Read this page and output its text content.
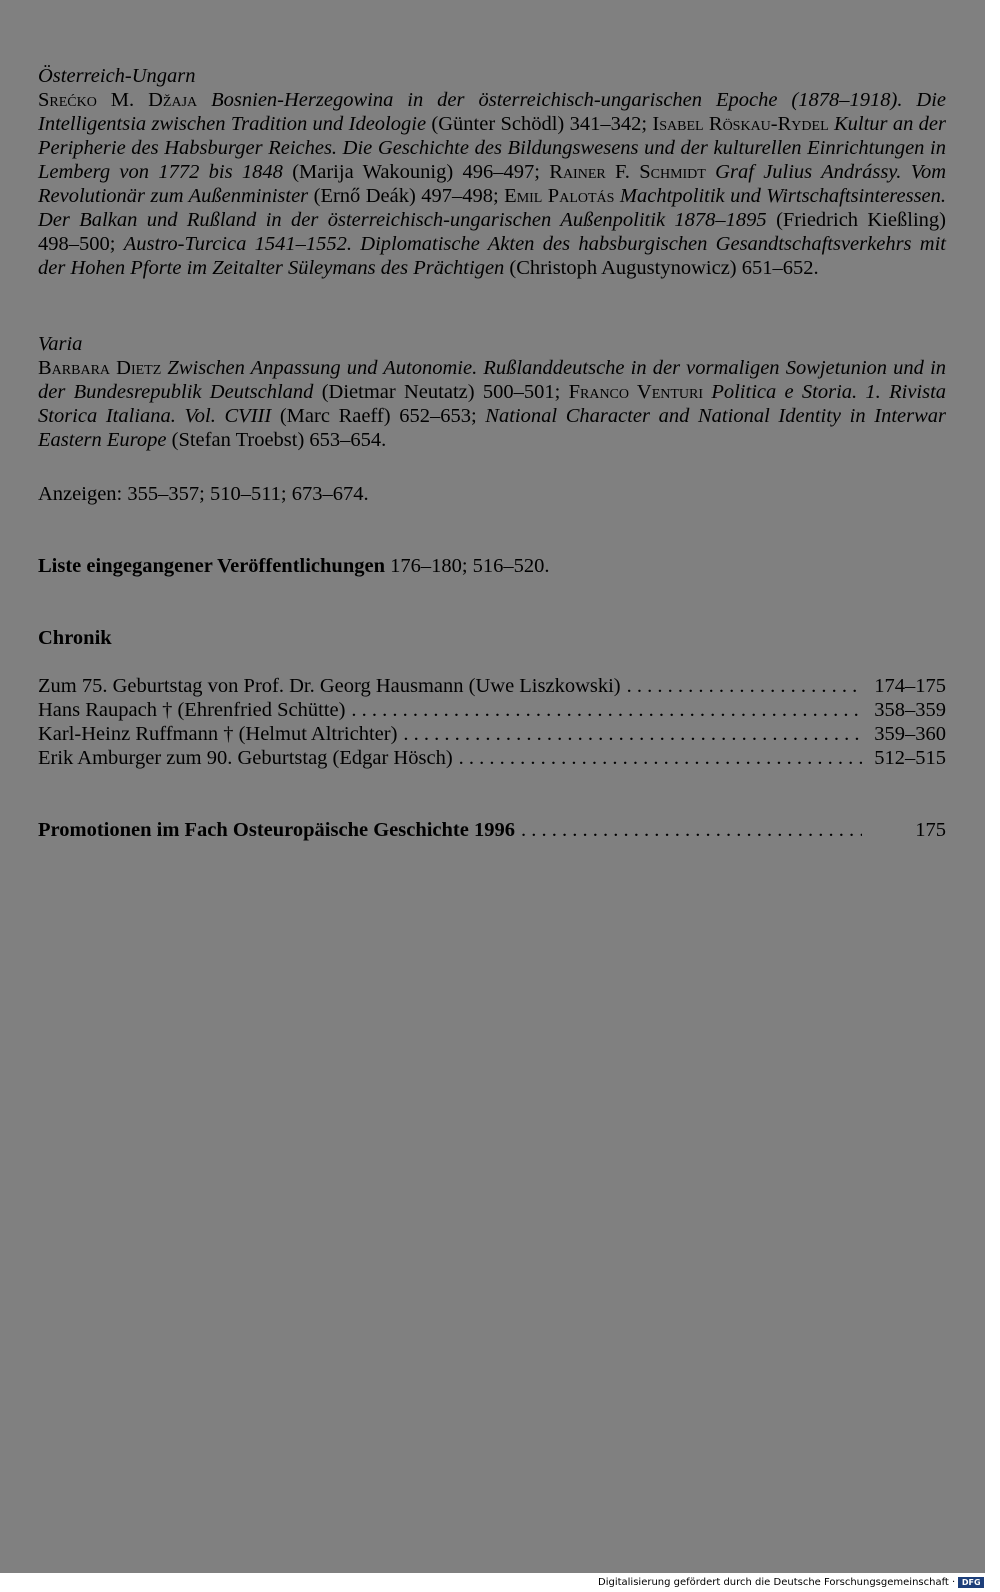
Österreich-Ungarn
Srećko M. Džaja Bosnien-Herzegowina in der österreichisch-ungarischen Epoche (1878–1918). Die Intelligentsia zwischen Tradition und Ideologie (Günter Schödl) 341–342; Isabel Röskau-Rydel Kultur an der Peripherie des Habsburger Reiches. Die Geschichte des Bildungswesens und der kulturellen Einrichtungen in Lemberg von 1772 bis 1848 (Marija Wakounig) 496–497; Rainer F. Schmidt Graf Julius Andrássy. Vom Revolutionär zum Außenminister (Ernő Deák) 497–498; Emil Palotás Machtpolitik und Wirtschaftsinteressen. Der Balkan und Rußland in der österreichisch-ungarischen Außenpolitik 1878–1895 (Friedrich Kießling) 498–500; Austro-Turcica 1541–1552. Diplomatische Akten des habsburgischen Gesandtschaftsverkehrs mit der Hohen Pforte im Zeitalter Süleymans des Prächtigen (Christoph Augustynowicz) 651–652.
Varia
Barbara Dietz Zwischen Anpassung und Autonomie. Rußlanddeutsche in der vormaligen Sowjetunion und in der Bundesrepublik Deutschland (Dietmar Neutatz) 500–501; Franco Venturi Politica e Storia. 1. Rivista Storica Italiana. Vol. CVIII (Marc Raeff) 652–653; National Character and National Identity in Interwar Eastern Europe (Stefan Troebst) 653–654.
Anzeigen: 355–357; 510–511; 673–674.
Liste eingegangener Veröffentlichungen 176–180; 516–520.
Chronik
Zum 75. Geburtstag von Prof. Dr. Georg Hausmann (Uwe Liszkowski) . . .	174–175
Hans Raupach † (Ehrenfried Schütte) . . .	358–359
Karl-Heinz Ruffmann † (Helmut Altrichter) . . .	359–360
Erik Amburger zum 90. Geburtstag (Edgar Hösch) . . .	512–515
Promotionen im Fach Osteuropäische Geschichte 1996 . . .	175
Digitalisierung gefördert durch die Deutsche Forschungsgemeinschaft · DFG
